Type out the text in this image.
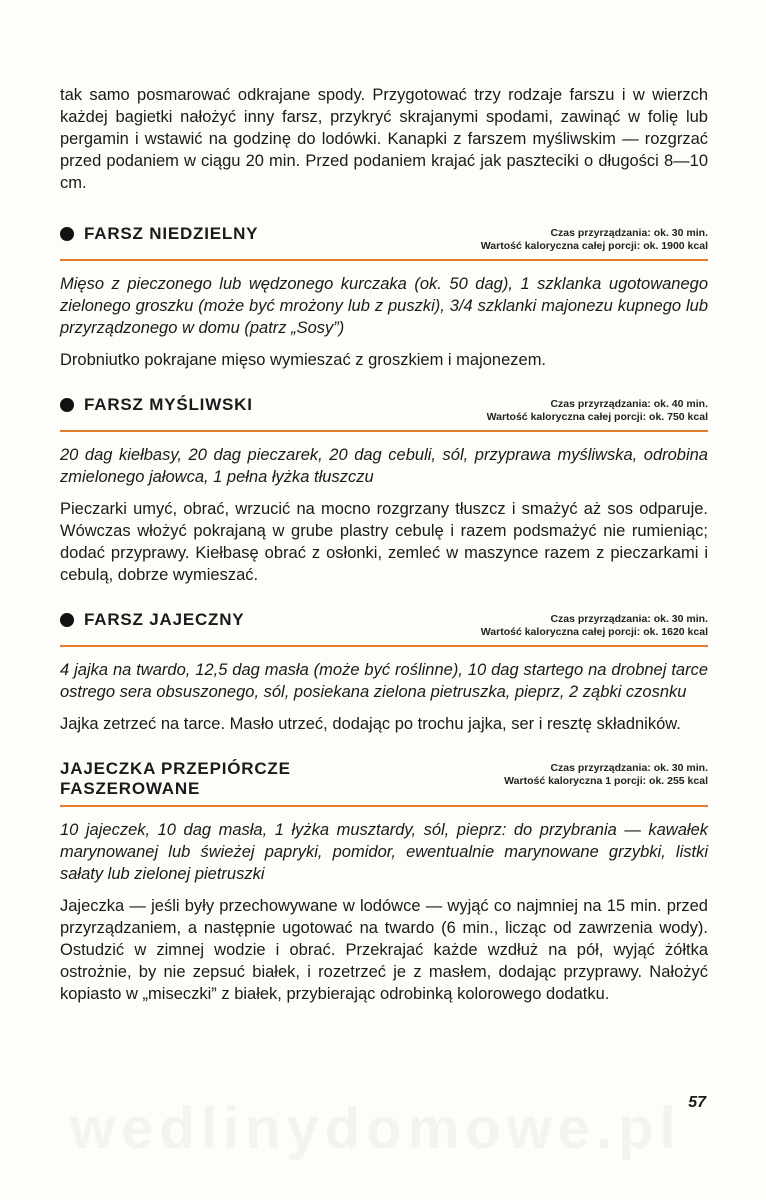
tak samo posmarować odkrajane spody. Przygotować trzy rodzaje farszu i w wierzch każdej bagietki nałożyć inny farsz, przykryć skrajanymi spodami, zawinąć w folię lub pergamin i wstawić na godzinę do lodówki. Kanapki z farszem myśliwskim — rozgrzać przed podaniem w ciągu 20 min. Przed podaniem krajać jak paszteciki o długości 8—10 cm.

FARSZ NIEDZIELNY	Czas przyrządzania: ok. 30 min.
Wartość kaloryczna całej porcji: ok. 1900 kcal

Mięso z pieczonego lub wędzonego kurczaka (ok. 50 dag), 1 szklanka ugotowanego zielonego groszku (może być mrożony lub z puszki), 3/4 szklanki majonezu kupnego lub przyrządzonego w domu (patrz „Sosy”)

Drobniutko pokrajane mięso wymieszać z groszkiem i majonezem.

FARSZ MYŚLIWSKI	Czas przyrządzania: ok. 40 min.
Wartość kaloryczna całej porcji: ok. 750 kcal

20 dag kiełbasy, 20 dag pieczarek, 20 dag cebuli, sól, przyprawa myśliwska, odrobina zmielonego jałowca, 1 pełna łyżka tłuszczu

Pieczarki umyć, obrać, wrzucić na mocno rozgrzany tłuszcz i smażyć aż sos odparuje. Wówczas włożyć pokrajaną w grube plastry cebulę i razem podsmażyć nie rumieniąc; dodać przyprawy. Kiełbasę obrać z osłonki, zemleć w maszynce razem z pieczarkami i cebulą, dobrze wymieszać.

FARSZ JAJECZNY	Czas przyrządzania: ok. 30 min.
Wartość kaloryczna całej porcji: ok. 1620 kcal

4 jajka na twardo, 12,5 dag masła (może być roślinne), 10 dag startego na drobnej tarce ostrego sera obsuszonego, sól, posiekana zielona pietruszka, pieprz, 2 ząbki czosnku

Jajka zetrzeć na tarce. Masło utrzeć, dodając po trochu jajka, ser i resztę składników.

JAJECZKA PRZEPIÓRCZE
FASZEROWANE
Czas przyrządzania: ok. 30 min.
Wartość kaloryczna 1 porcji: ok. 255 kcal

10 jajeczek, 10 dag masła, 1 łyżka musztardy, sól, pieprz: do przybrania — kawałek marynowanej lub świeżej papryki, pomidor, ewentualnie marynowane grzybki, listki sałaty lub zielonej pietruszki

Jajeczka — jeśli były przechowywane w lodówce — wyjąć co najmniej na 15 min. przed przyrządzaniem, a następnie ugotować na twardo (6 min., licząc od zawrzenia wody). Ostudzić w zimnej wodzie i obrać. Przekrajać każde wzdłuż na pół, wyjąć żółtka ostrożnie, by nie zepsuć białek, i rozetrzeć je z masłem, dodając przyprawy. Nałożyć kopiasto w „miseczki” z białek, przybierając odrobinką kolorowego dodatku.

wedlinydomowe.pl 57
